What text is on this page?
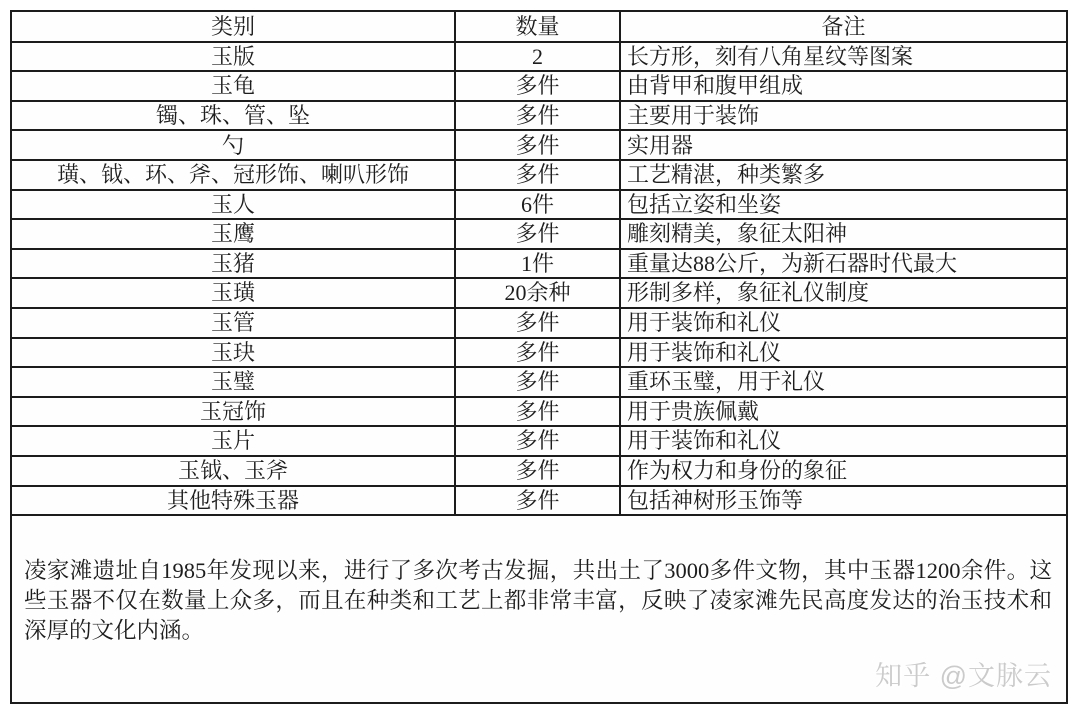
类别	数量	备注
玉版	2	长方形，刻有八角星纹等图案
玉龟	多件	由背甲和腹甲组成
镯、珠、管、坠	多件	主要用于装饰
勺	多件	实用器
璜、钺、环、斧、冠形饰、喇叭形饰	多件	工艺精湛，种类繁多
玉人	6件	包括立姿和坐姿
玉鹰	多件	雕刻精美，象征太阳神
玉猪	1件	重量达88公斤，为新石器时代最大
玉璜	20余种	形制多样，象征礼仪制度
玉管	多件	用于装饰和礼仪
玉玦	多件	用于装饰和礼仪
玉璧	多件	重环玉璧，用于礼仪
玉冠饰	多件	用于贵族佩戴
玉片	多件	用于装饰和礼仪
玉钺、玉斧	多件	作为权力和身份的象征
其他特殊玉器	多件	包括神树形玉饰等
凌家滩遗址自1985年发现以来，进行了多次考古发掘，共出土了3000多件文物，其中玉器1200余件。这些玉器不仅在数量上众多，而且在种类和工艺上都非常丰富，反映了凌家滩先民高度发达的治玉技术和深厚的文化内涵。
知乎 @文脉云
